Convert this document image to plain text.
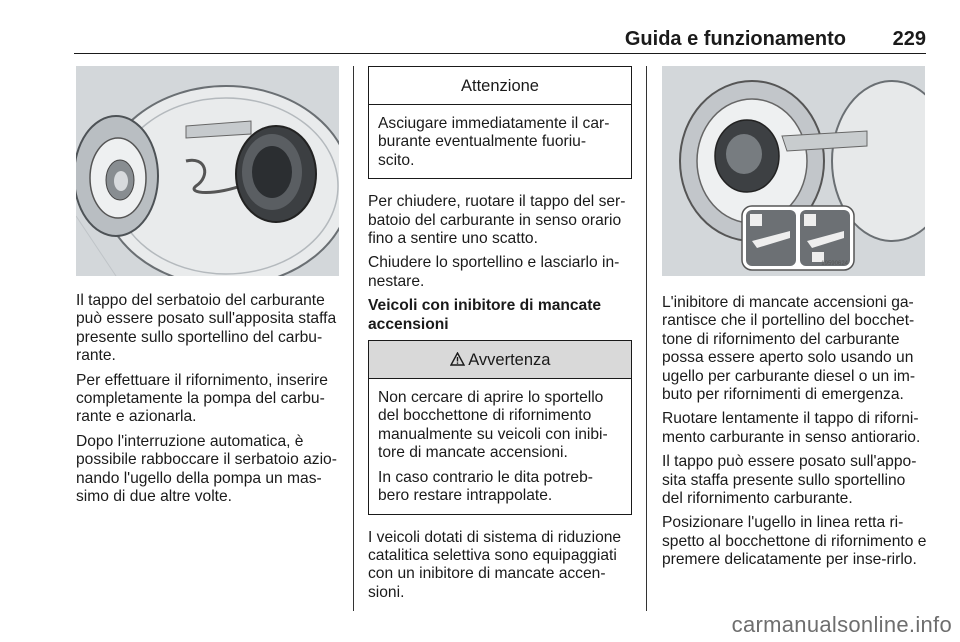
Guida e funzionamento 229

Il tappo del serbatoio del carburante può essere posato sull'apposita staffa presente sullo sportellino del carbu-rante.

Per effettuare il rifornimento, inserire completamente la pompa del carbu-rante e azionarla.

Dopo l'interruzione automatica, è possibile rabboccare il serbatoio azio-nando l'ugello della pompa un mas-simo di due altre volte.

Attenzione

Asciugare immediatamente il car-burante eventualmente fuoriu-scito.

Per chiudere, ruotare il tappo del ser-batoio del carburante in senso orario fino a sentire uno scatto.

Chiudere lo sportellino e lasciarlo in-nestare.

Veicoli con inibitore di mancate accensioni
Avvertenza

Non cercare di aprire lo sportello del bocchettone di rifornimento manualmente su veicoli con inibi-tore di mancate accensioni.

In caso contrario le dita potreb-bero restare intrappolate.

I veicoli dotati di sistema di riduzione catalitica selettiva sono equipaggiati con un inibitore di mancate accen-sioni.

19590624

L'inibitore di mancate accensioni ga-rantisce che il portellino del bocchet-tone di rifornimento del carburante possa essere aperto solo usando un ugello per carburante diesel o un im-buto per rifornimenti di emergenza.

Ruotare lentamente il tappo di riforni-mento carburante in senso antiorario.

Il tappo può essere posato sull'appo-sita staffa presente sullo sportellino del rifornimento carburante.

Posizionare l'ugello in linea retta ri-spetto al bocchettone di rifornimento e premere delicatamente per inse-rirlo.

carmanualsonline.info
